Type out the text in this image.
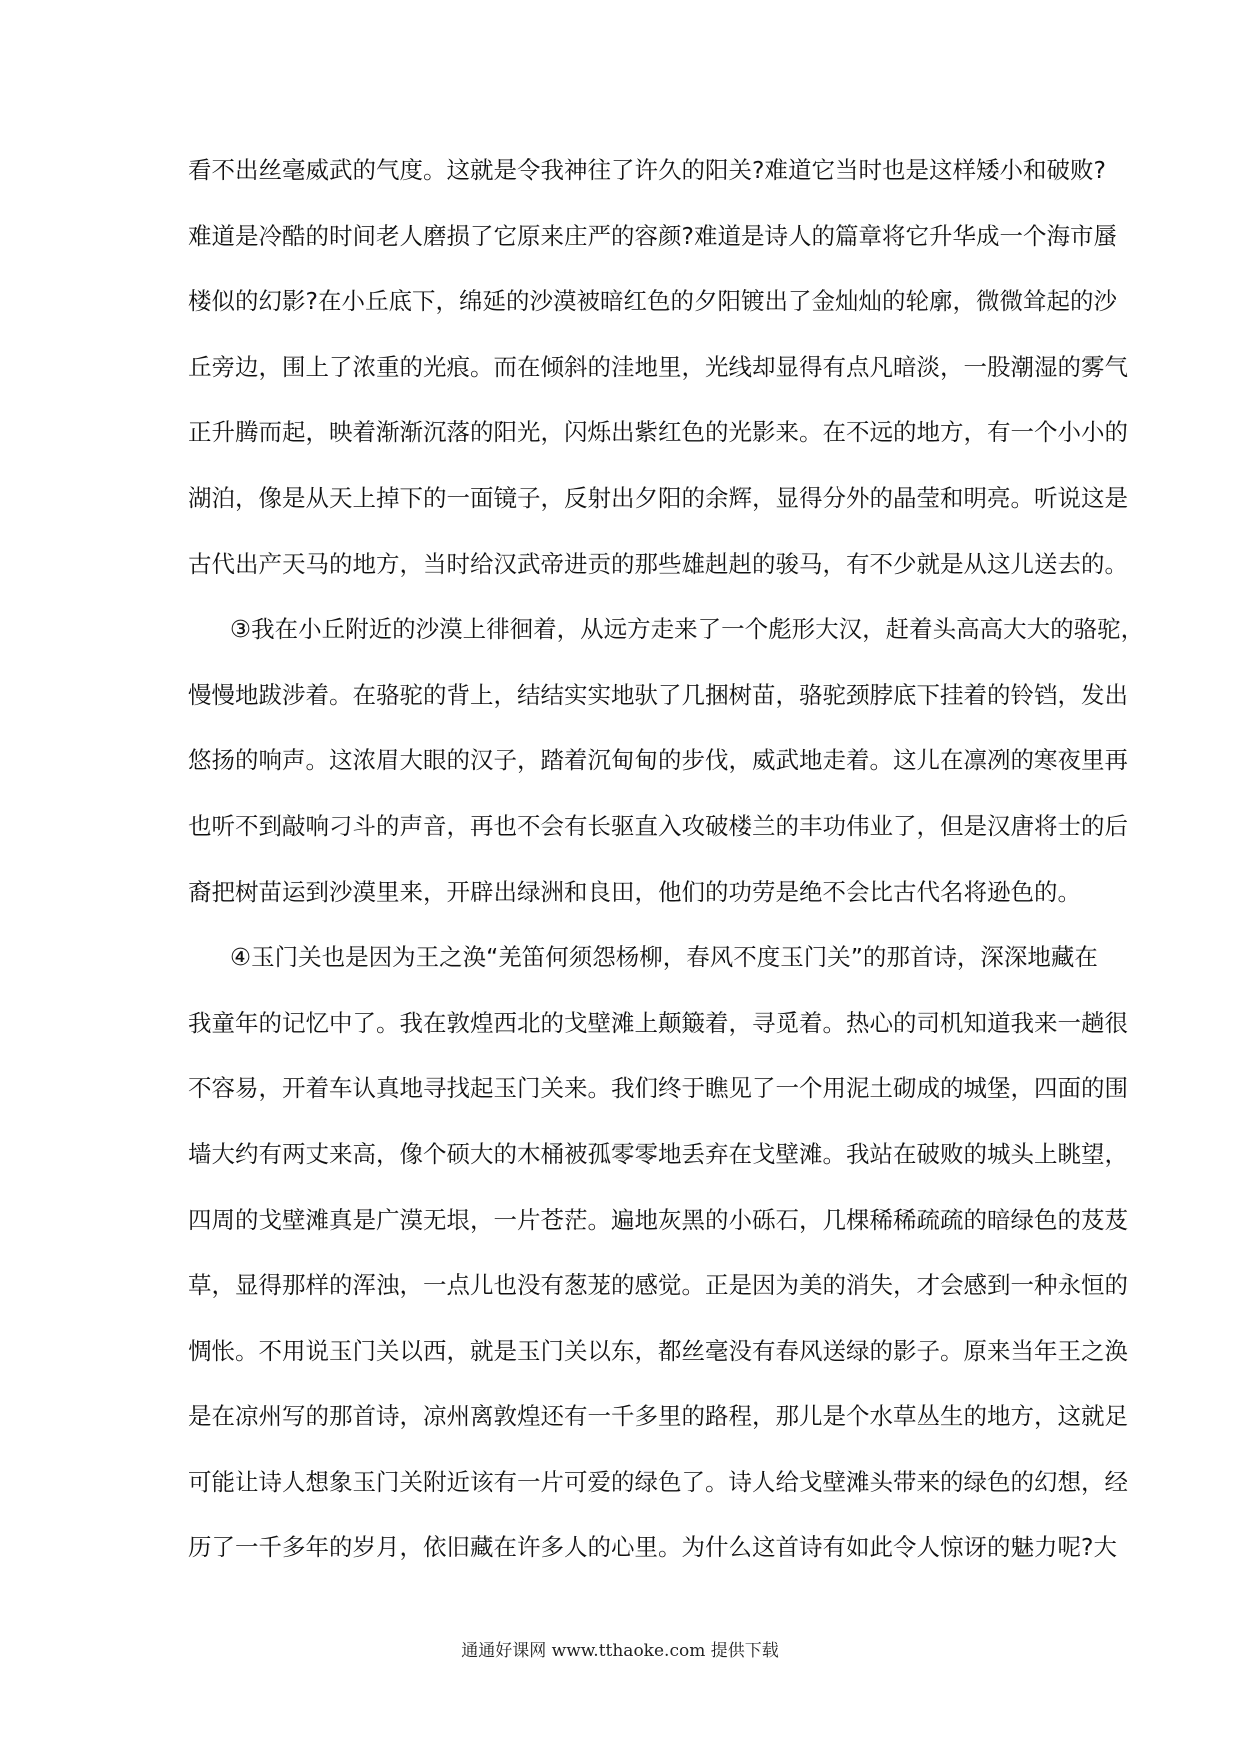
看不出丝毫威武的气度。这就是令我神往了许久的阳关?难道它当时也是这样矮小和破败?
难道是冷酷的时间老人磨损了它原来庄严的容颜?难道是诗人的篇章将它升华成一个海市蜃
楼似的幻影?在小丘底下，绵延的沙漠被暗红色的夕阳镀出了金灿灿的轮廓，微微耸起的沙
丘旁边，围上了浓重的光痕。而在倾斜的洼地里，光线却显得有点凡暗淡，一股潮湿的雾气
正升腾而起，映着渐渐沉落的阳光，闪烁出紫红色的光影来。在不远的地方，有一个小小的
湖泊，像是从天上掉下的一面镜子，反射出夕阳的余辉，显得分外的晶莹和明亮。听说这是
古代出产天马的地方，当时给汉武帝进贡的那些雄赳赳的骏马，有不少就是从这儿送去的。
③我在小丘附近的沙漠上徘徊着，从远方走来了一个彪形大汉，赶着头高高大大的骆驼，
慢慢地跋涉着。在骆驼的背上，结结实实地驮了几捆树苗，骆驼颈脖底下挂着的铃铛，发出
悠扬的响声。这浓眉大眼的汉子，踏着沉甸甸的步伐，威武地走着。这儿在凛冽的寒夜里再
也听不到敲响刁斗的声音，再也不会有长驱直入攻破楼兰的丰功伟业了，但是汉唐将士的后
裔把树苗运到沙漠里来，开辟出绿洲和良田，他们的功劳是绝不会比古代名将逊色的。
④玉门关也是因为王之涣“羌笛何须怨杨柳，春风不度玉门关”的那首诗，深深地藏在
我童年的记忆中了。我在敦煌西北的戈壁滩上颠簸着，寻觅着。热心的司机知道我来一趟很
不容易，开着车认真地寻找起玉门关来。我们终于瞧见了一个用泥土砌成的城堡，四面的围
墙大约有两丈来高，像个硕大的木桶被孤零零地丢弃在戈壁滩。我站在破败的城头上眺望，
四周的戈壁滩真是广漠无垠，一片苍茫。遍地灰黑的小砾石，几棵稀稀疏疏的暗绿色的芨芨
草，显得那样的浑浊，一点儿也没有葱茏的感觉。正是因为美的消失，才会感到一种永恒的
惆怅。不用说玉门关以西，就是玉门关以东，都丝毫没有春风送绿的影子。原来当年王之涣
是在凉州写的那首诗，凉州离敦煌还有一千多里的路程，那儿是个水草丛生的地方，这就足
可能让诗人想象玉门关附近该有一片可爱的绿色了。诗人给戈壁滩头带来的绿色的幻想，经
历了一千多年的岁月，依旧藏在许多人的心里。为什么这首诗有如此令人惊讶的魅力呢?大
通通好课网 www.tthaoke.com 提供下载
